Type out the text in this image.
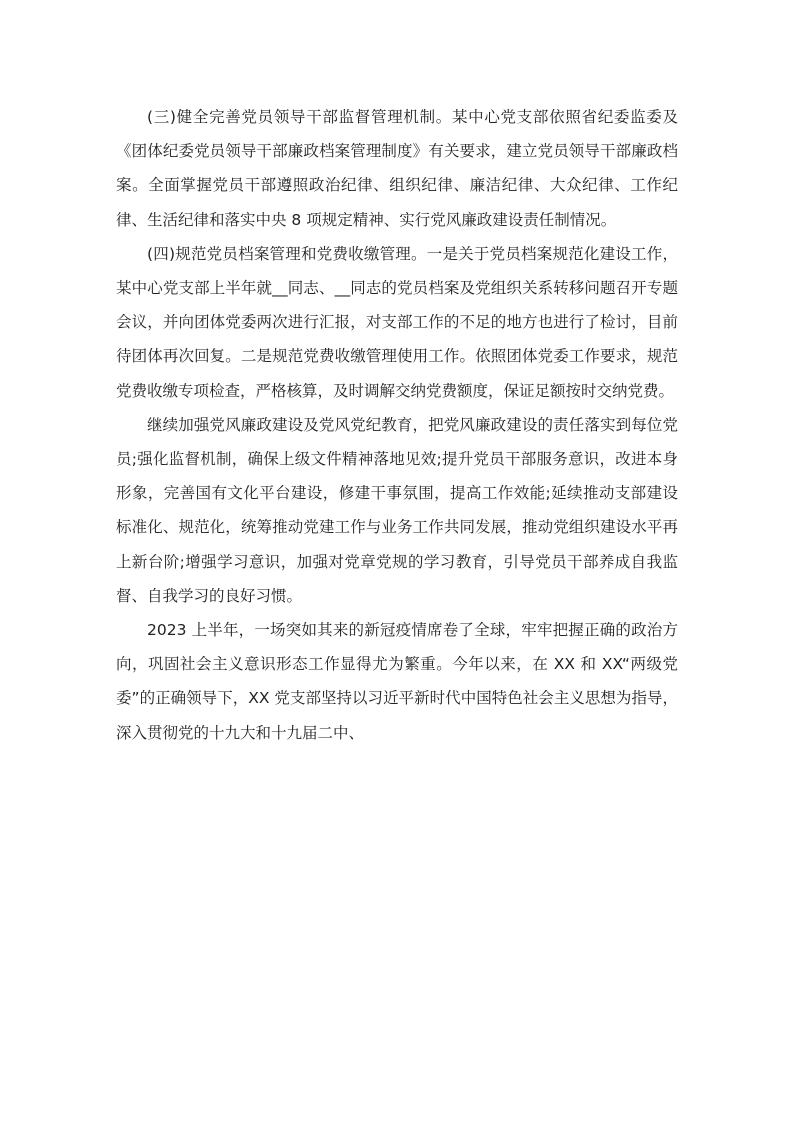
(三)健全完善党员领导干部监督管理机制。某中心党支部依照省纪委监委及《团体纪委党员领导干部廉政档案管理制度》有关要求，建立党员领导干部廉政档案。全面掌握党员干部遵照政治纪律、组织纪律、廉洁纪律、大众纪律、工作纪律、生活纪律和落实中央 8 项规定精神、实行党风廉政建设责任制情况。

(四)规范党员档案管理和党费收缴管理。一是关于党员档案规范化建设工作，某中心党支部上半年就__同志、__同志的党员档案及党组织关系转移问题召开专题会议，并向团体党委两次进行汇报，对支部工作的不足的地方也进行了检讨，目前待团体再次回复。二是规范党费收缴管理使用工作。依照团体党委工作要求，规范党费收缴专项检查，严格核算，及时调解交纳党费额度，保证足额按时交纳党费。

继续加强党风廉政建设及党风党纪教育，把党风廉政建设的责任落实到每位党员;强化监督机制，确保上级文件精神落地见效;提升党员干部服务意识，改进本身形象，完善国有文化平台建设，修建干事氛围，提高工作效能;延续推动支部建设标准化、规范化，统筹推动党建工作与业务工作共同发展，推动党组织建设水平再上新台阶;增强学习意识，加强对党章党规的学习教育，引导党员干部养成自我监督、自我学习的良好习惯。

2023 上半年，一场突如其来的新冠疫情席卷了全球，牢牢把握正确的政治方向，巩固社会主义意识形态工作显得尤为繁重。今年以来，在 XX 和 XX“两级党委”的正确领导下，XX 党支部坚持以习近平新时代中国特色社会主义思想为指导，深入贯彻党的十九大和十九届二中、
